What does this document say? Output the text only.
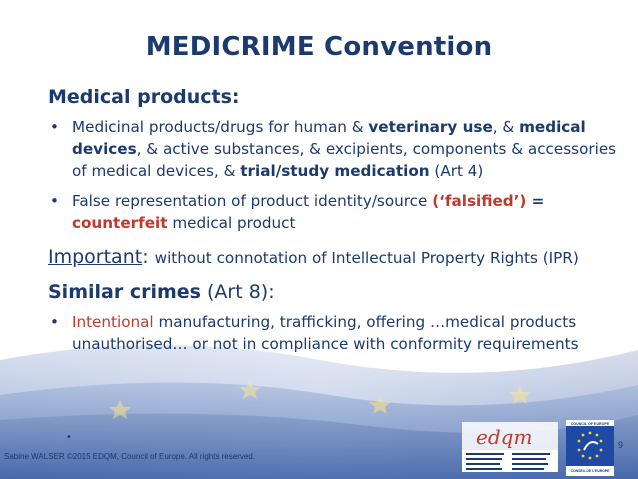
MEDICRIME Convention
Medical products:
• Medicinal products/drugs for human & veterinary use, & medical devices, & active substances, & excipients, components & accessories of medical devices, & trial/study medication (Art 4)
• False representation of product identity/source (‘falsified’) = counterfeit medical product
Important: without connotation of Intellectual Property Rights (IPR)
Similar crimes (Art 8):
• Intentional manufacturing, trafficking, offering …medical products unauthorised… or not in compliance with conformity requirements
•
Sabine WALSER ©2015 EDQM, Council of Europe. All rights reserved.
9
edqm
COUNCIL OF EUROPE
CONSEIL DE L'EUROPE
